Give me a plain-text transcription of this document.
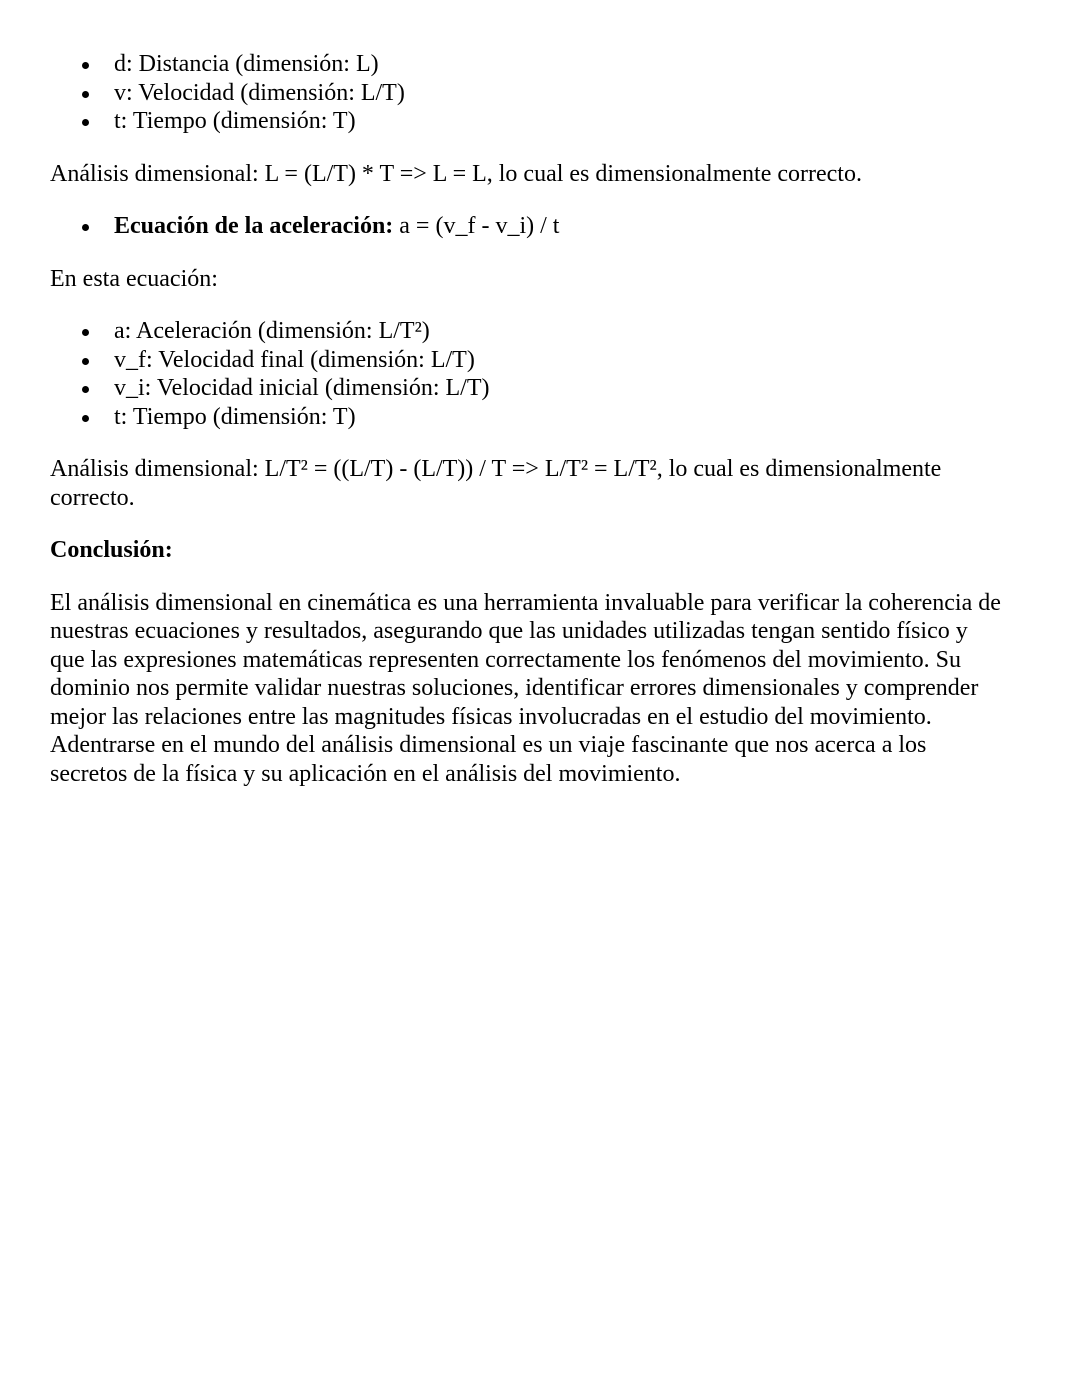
d: Distancia (dimensión: L)
v: Velocidad (dimensión: L/T)
t: Tiempo (dimensión: T)

Análisis dimensional: L = (L/T) * T => L = L, lo cual es dimensionalmente correcto.

Ecuación de la aceleración: a = (v_f - v_i) / t

En esta ecuación:

a: Aceleración (dimensión: L/T²)
v_f: Velocidad final (dimensión: L/T)
v_i: Velocidad inicial (dimensión: L/T)
t: Tiempo (dimensión: T)

Análisis dimensional: L/T² = ((L/T) - (L/T)) / T => L/T² = L/T², lo cual es dimensionalmente
correcto.

Conclusión:

El análisis dimensional en cinemática es una herramienta invaluable para verificar la coherencia de
nuestras ecuaciones y resultados, asegurando que las unidades utilizadas tengan sentido físico y
que las expresiones matemáticas representen correctamente los fenómenos del movimiento. Su
dominio nos permite validar nuestras soluciones, identificar errores dimensionales y comprender
mejor las relaciones entre las magnitudes físicas involucradas en el estudio del movimiento.
Adentrarse en el mundo del análisis dimensional es un viaje fascinante que nos acerca a los
secretos de la física y su aplicación en el análisis del movimiento.
